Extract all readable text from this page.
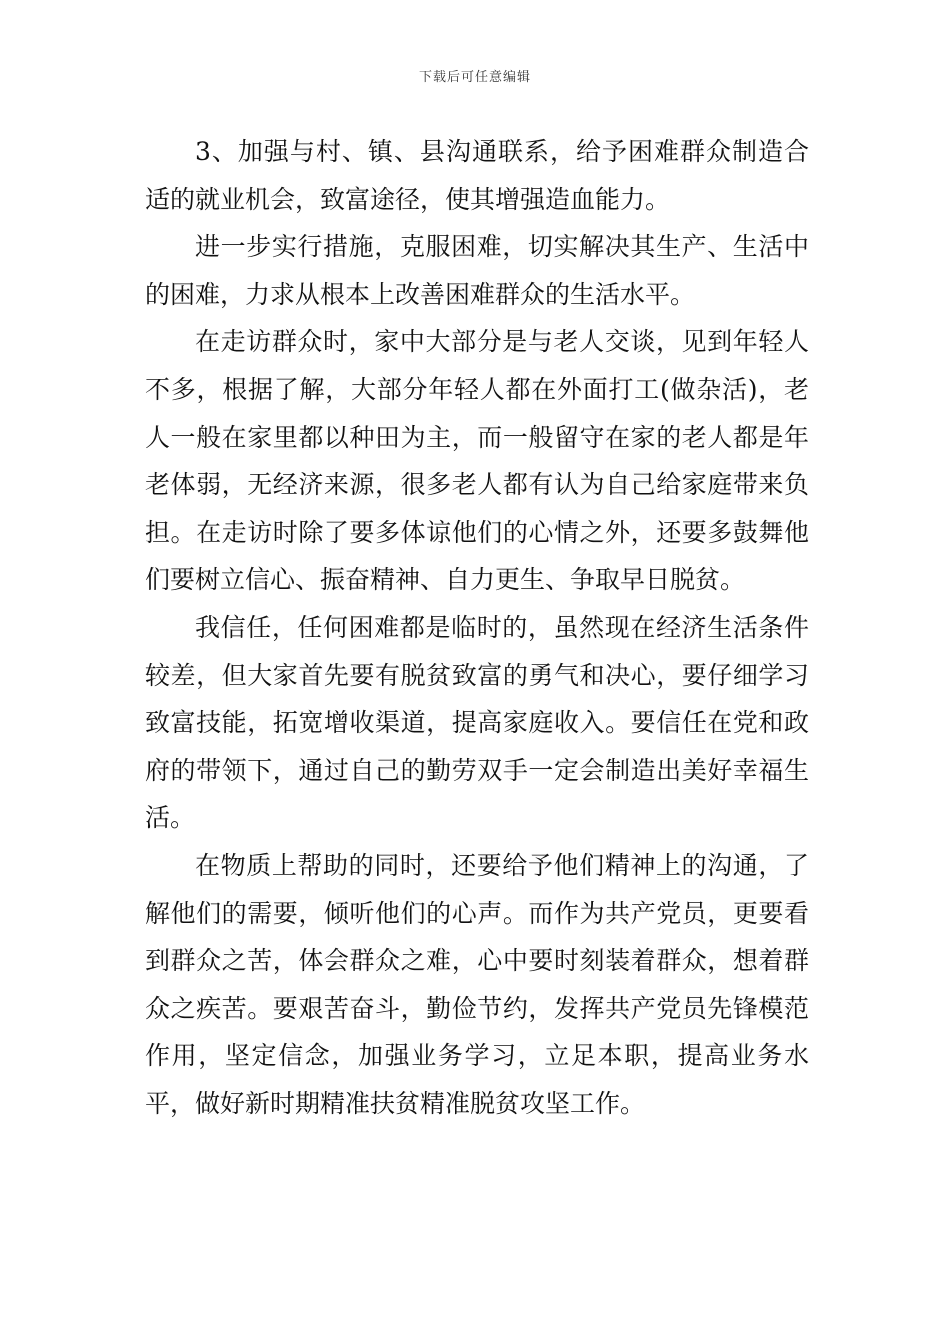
下载后可任意编辑

3、加强与村、镇、县沟通联系，给予困难群众制造合适的就业机会，致富途径，使其增强造血能力。

进一步实行措施，克服困难，切实解决其生产、生活中的困难，力求从根本上改善困难群众的生活水平。

在走访群众时，家中大部分是与老人交谈，见到年轻人不多，根据了解，大部分年轻人都在外面打工(做杂活)，老人一般在家里都以种田为主，而一般留守在家的老人都是年老体弱，无经济来源，很多老人都有认为自己给家庭带来负担。在走访时除了要多体谅他们的心情之外，还要多鼓舞他们要树立信心、振奋精神、自力更生、争取早日脱贫。

我信任，任何困难都是临时的，虽然现在经济生活条件较差，但大家首先要有脱贫致富的勇气和决心，要仔细学习致富技能，拓宽增收渠道，提高家庭收入。要信任在党和政府的带领下，通过自己的勤劳双手一定会制造出美好幸福生活。

在物质上帮助的同时，还要给予他们精神上的沟通，了解他们的需要，倾听他们的心声。而作为共产党员，更要看到群众之苦，体会群众之难，心中要时刻装着群众，想着群众之疾苦。要艰苦奋斗，勤俭节约，发挥共产党员先锋模范作用，坚定信念，加强业务学习，立足本职，提高业务水平，做好新时期精准扶贫精准脱贫攻坚工作。
